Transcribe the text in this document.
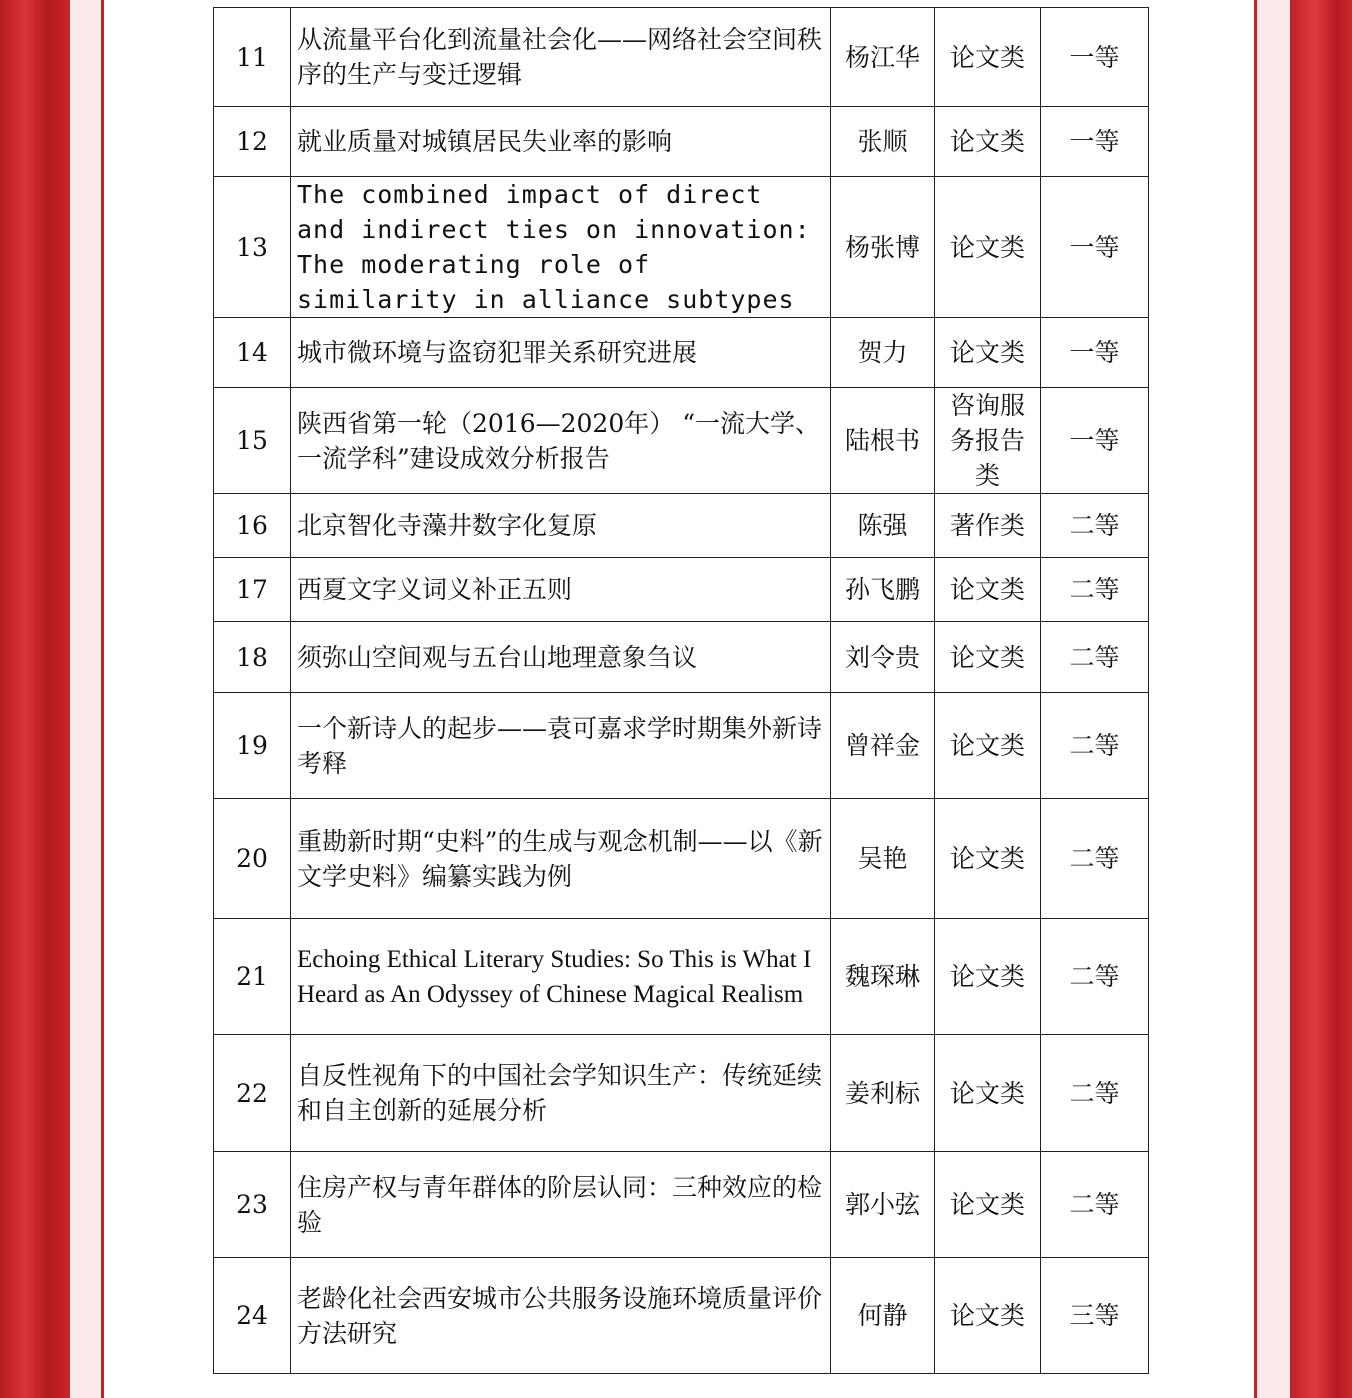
11	从流量平台化到流量社会化——网络社会空间秩序的生产与变迁逻辑	杨江华	论文类	一等
12	就业质量对城镇居民失业率的影响	张顺	论文类	一等
13	The combined impact of direct and indirect ties on innovation: The moderating role of similarity in alliance subtypes	杨张博	论文类	一等
14	城市微环境与盗窃犯罪关系研究进展	贺力	论文类	一等
15	陕西省第一轮（2016—2020年） “一流大学、一流学科”建设成效分析报告	陆根书	咨询服务报告类	一等
16	北京智化寺藻井数字化复原	陈强	著作类	二等
17	西夏文字义词义补正五则	孙飞鹏	论文类	二等
18	须弥山空间观与五台山地理意象刍议	刘令贵	论文类	二等
19	一个新诗人的起步——袁可嘉求学时期集外新诗考释	曾祥金	论文类	二等
20	重勘新时期“史料”的生成与观念机制——以《新文学史料》编纂实践为例	吴艳	论文类	二等
21	Echoing Ethical Literary Studies: So This is What I Heard as An Odyssey of Chinese Magical Realism	魏琛琳	论文类	二等
22	自反性视角下的中国社会学知识生产：传统延续和自主创新的延展分析	姜利标	论文类	二等
23	住房产权与青年群体的阶层认同：三种效应的检验	郭小弦	论文类	二等
24	老龄化社会西安城市公共服务设施环境质量评价方法研究	何静	论文类	三等
